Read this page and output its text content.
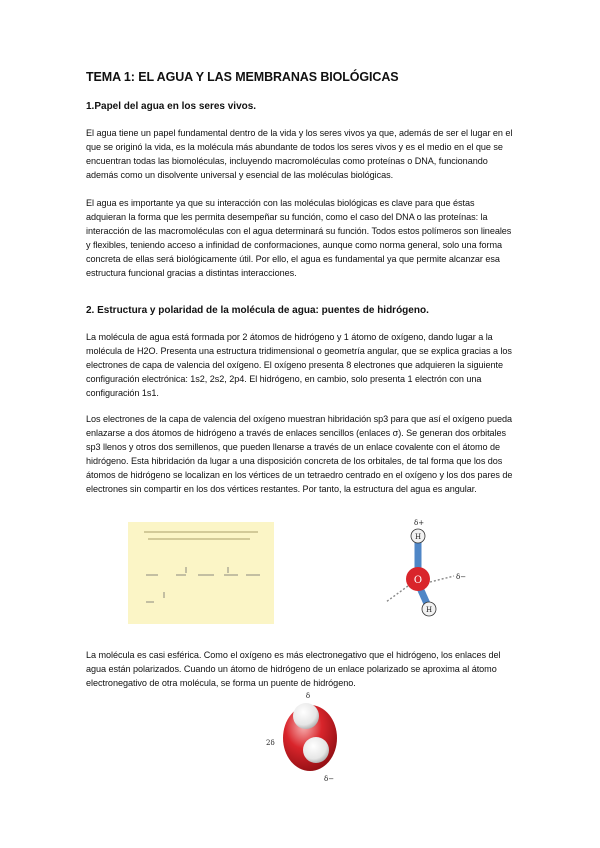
TEMA 1: EL AGUA Y LAS MEMBRANAS BIOLÓGICAS
1.Papel del agua en los seres vivos.

El agua tiene un papel fundamental dentro de la vida y los seres vivos ya que, además de ser el lugar en el que se originó la vida, es la molécula más abundante de todos los seres vivos y es el medio en el que se encuentran todas las biomoléculas, incluyendo macromoléculas como proteínas o DNA, funcionando además como un disolvente universal y esencial de las moléculas biológicas.

El agua es importante ya que su interacción con las moléculas biológicas es clave para que éstas adquieran la forma que les permita desempeñar su función, como el caso del DNA o las proteínas: la interacción de las macromoléculas con el agua determinará su función. Todos estos polímeros son lineales y flexibles, teniendo acceso a infinidad de conformaciones, aunque como norma general, solo una forma concreta de ellas será biológicamente útil. Por ello, el agua es fundamental ya que permite alcanzar esa estructura funcional gracias a distintas interacciones.

2. Estructura y polaridad de la molécula de agua: puentes de hidrógeno.

La molécula de agua está formada por 2 átomos de hidrógeno y 1 átomo de oxígeno, dando lugar a la molécula de H2O. Presenta una estructura tridimensional o geometría angular, que se explica gracias a los electrones de capa de valencia del oxígeno. El oxígeno presenta 8 electrones que adquieren la siguiente configuración electrónica: 1s2, 2s2, 2p4. El hidrógeno, en cambio, solo presenta 1 electrón con una configuración 1s1.

Los electrones de la capa de valencia del oxígeno muestran hibridación sp3 para que así el oxígeno pueda enlazarse a dos átomos de hidrógeno a través de enlaces sencillos (enlaces σ). Se generan dos orbitales sp3 llenos y otros dos semillenos, que pueden llenarse a través de un enlace covalente con el átomo de hidrógeno. Esta hibridación da lugar a una disposición concreta de los orbitales, de tal forma que los dos átomos de hidrógeno se localizan en los vértices de un tetraedro centrado en el oxígeno y los dos pares de electrones sin compartir en los dos vértices restantes. Por tanto, la estructura del agua es angular.

O
H
H
δ+
δ−

La molécula es casi esférica. Como el oxígeno es más electronegativo que el hidrógeno, los enlaces del agua están polarizados. Cuando un átomo de hidrógeno de un enlace polarizado se aproxima al átomo electronegativo de otra molécula, se forma un puente de hidrógeno.

δ
2δ
δ−
